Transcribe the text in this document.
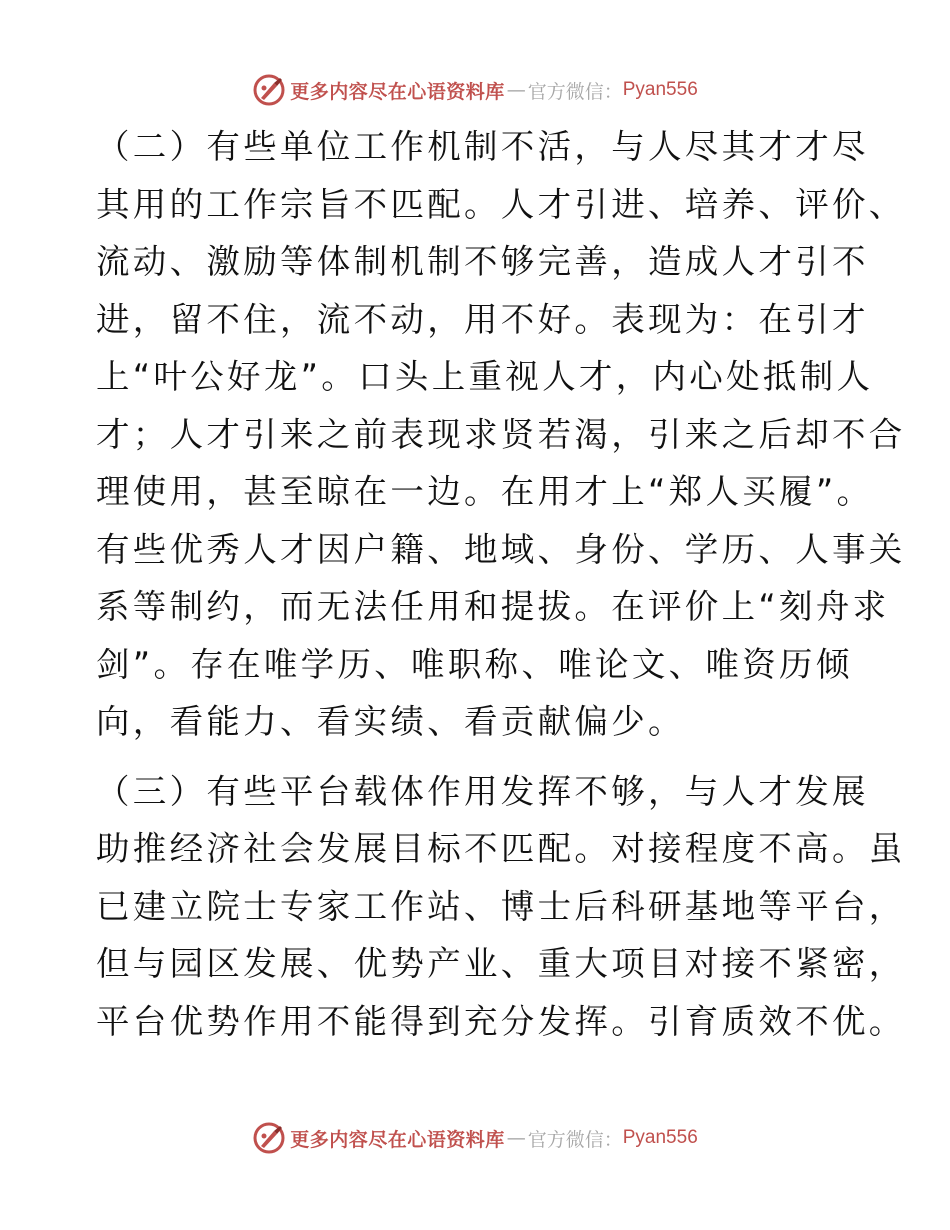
更多内容尽在心语资料库 — 官方微信： Pyan556

（二）有些单位工作机制不活，与人尽其才才尽
其用的工作宗旨不匹配。人才引进、培养、评价、
流动、激励等体制机制不够完善，造成人才引不
进，留不住，流不动，用不好。表现为：在引才
上“叶公好龙”。口头上重视人才，内心处抵制人
才；人才引来之前表现求贤若渴，引来之后却不合
理使用，甚至晾在一边。在用才上“郑人买履”。
有些优秀人才因户籍、地域、身份、学历、人事关
系等制约，而无法任用和提拔。在评价上“刻舟求
剑”。存在唯学历、唯职称、唯论文、唯资历倾
向，看能力、看实绩、看贡献偏少。

（三）有些平台载体作用发挥不够，与人才发展
助推经济社会发展目标不匹配。对接程度不高。虽
已建立院士专家工作站、博士后科研基地等平台，
但与园区发展、优势产业、重大项目对接不紧密，
平台优势作用不能得到充分发挥。引育质效不优。

更多内容尽在心语资料库 — 官方微信： Pyan556
